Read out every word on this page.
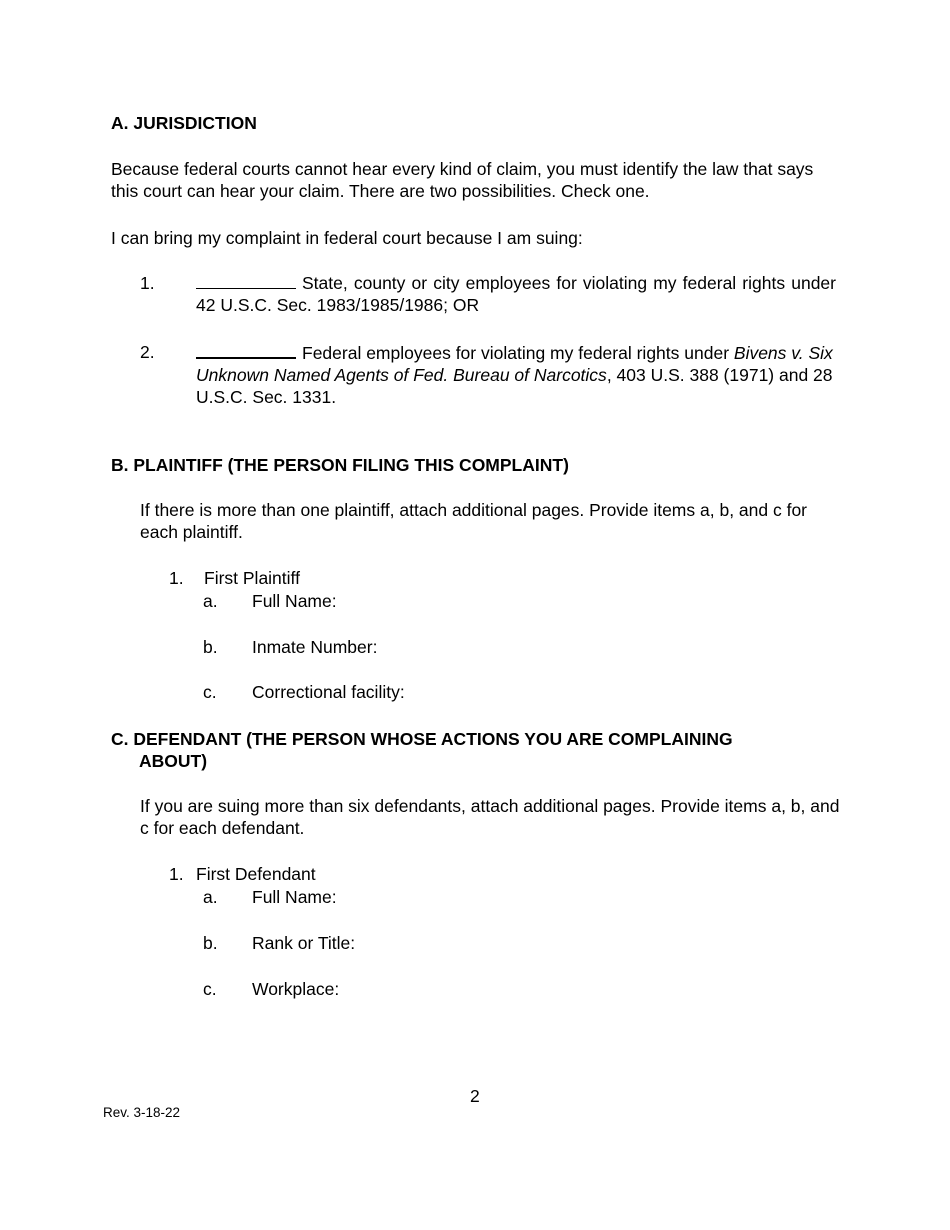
A. JURISDICTION
Because federal courts cannot hear every kind of claim, you must identify the law that says this court can hear your claim. There are two possibilities. Check one.
I can bring my complaint in federal court because I am suing:
1.	State, county or city employees for violating my federal rights under 42 U.S.C. Sec. 1983/1985/1986; OR
2.	Federal employees for violating my federal rights under Bivens v. Six Unknown Named Agents of Fed. Bureau of Narcotics, 403 U.S. 388 (1971) and 28 U.S.C. Sec. 1331.
B. PLAINTIFF (THE PERSON FILING THIS COMPLAINT)
If there is more than one plaintiff, attach additional pages. Provide items a, b, and c for each plaintiff.
1. First Plaintiff
a. Full Name:
b. Inmate Number:
c. Correctional facility:
C. DEFENDANT (THE PERSON WHOSE ACTIONS YOU ARE COMPLAINING
ABOUT)
If you are suing more than six defendants, attach additional pages. Provide items a, b, and c for each defendant.
1. First Defendant
a. Full Name:
b. Rank or Title:
c. Workplace:
2
Rev. 3-18-22
